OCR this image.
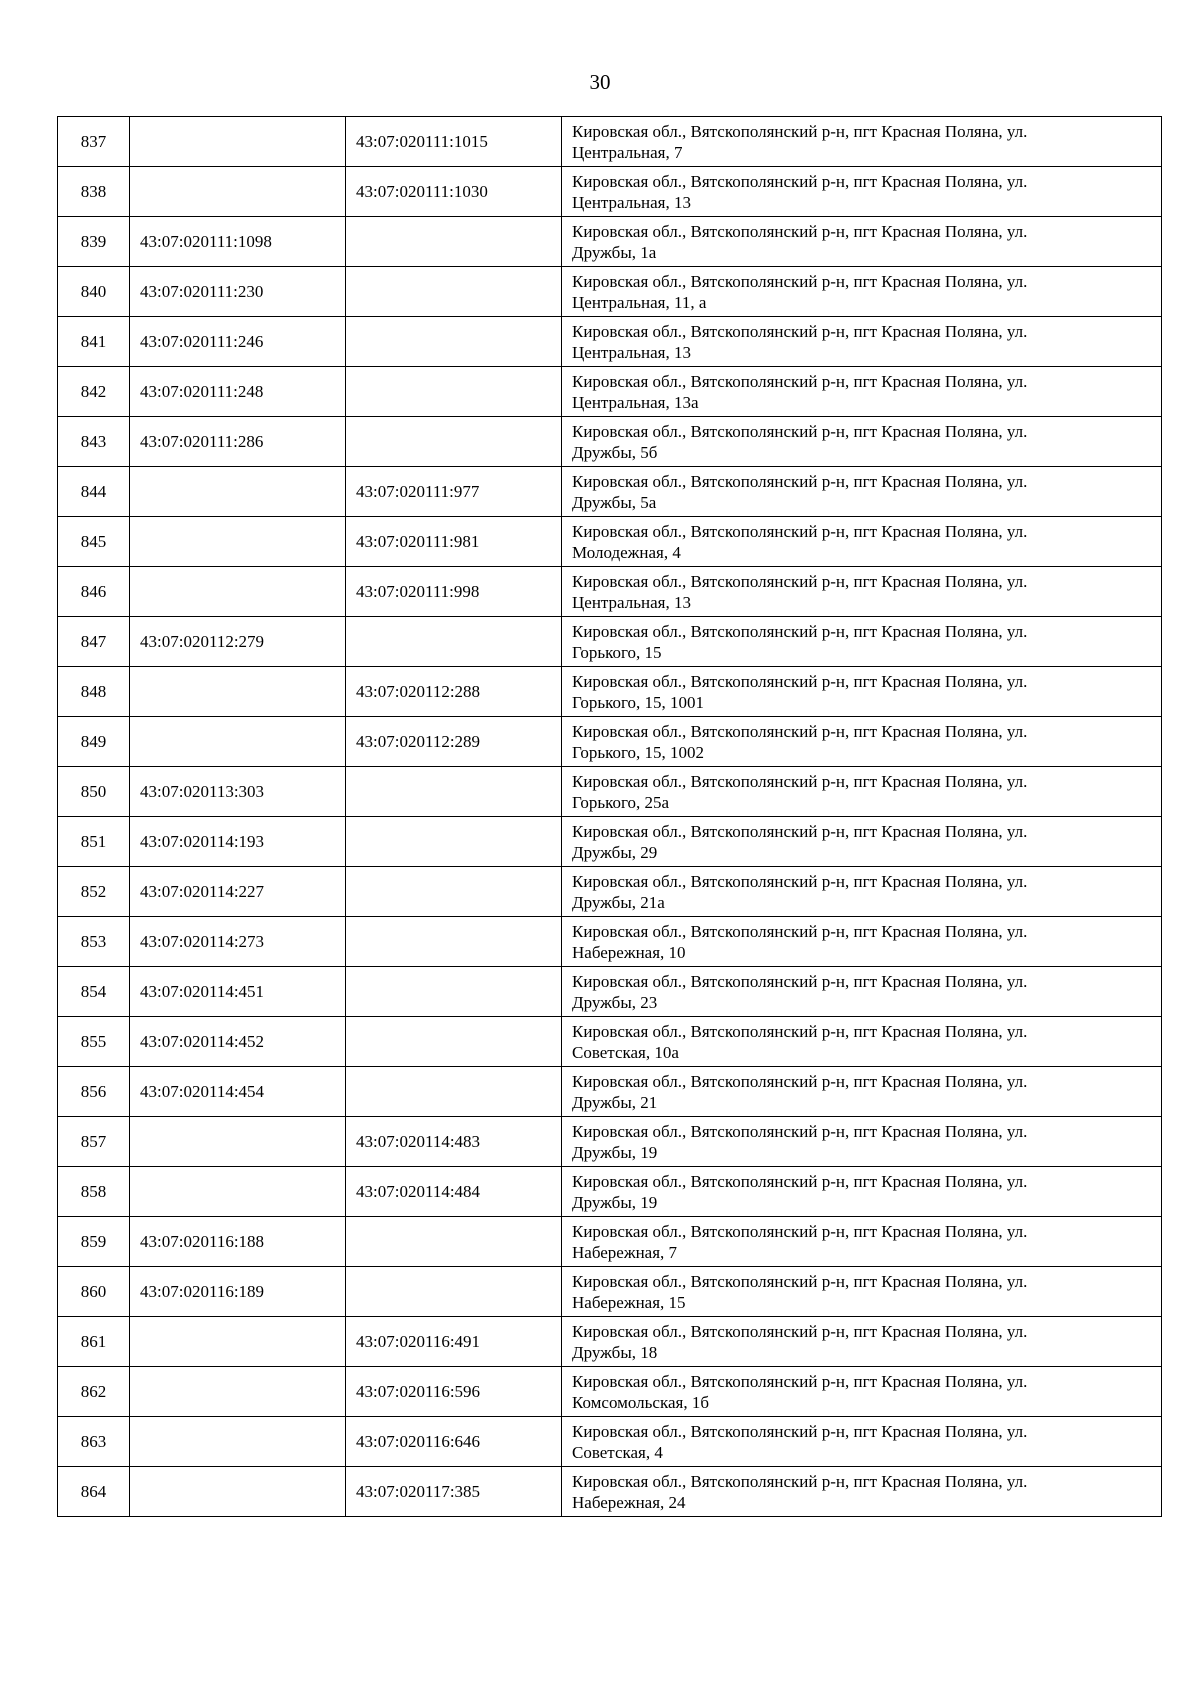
30
837		43:07:020111:1015	Кировская обл., Вятскополянский р-н, пгт Красная Поляна, ул.
Центральная, 7

838		43:07:020111:1030	Кировская обл., Вятскополянский р-н, пгт Красная Поляна, ул.
Центральная, 13

839	43:07:020111:1098		Кировская обл., Вятскополянский р-н, пгт Красная Поляна, ул.
Дружбы, 1а

840	43:07:020111:230		Кировская обл., Вятскополянский р-н, пгт Красная Поляна, ул.
Центральная, 11, а

841	43:07:020111:246		Кировская обл., Вятскополянский р-н, пгт Красная Поляна, ул.
Центральная, 13

842	43:07:020111:248		Кировская обл., Вятскополянский р-н, пгт Красная Поляна, ул.
Центральная, 13а

843	43:07:020111:286		Кировская обл., Вятскополянский р-н, пгт Красная Поляна, ул.
Дружбы, 5б

844		43:07:020111:977	Кировская обл., Вятскополянский р-н, пгт Красная Поляна, ул.
Дружбы, 5а

845		43:07:020111:981	Кировская обл., Вятскополянский р-н, пгт Красная Поляна, ул.
Молодежная, 4

846		43:07:020111:998	Кировская обл., Вятскополянский р-н, пгт Красная Поляна, ул.
Центральная, 13

847	43:07:020112:279		Кировская обл., Вятскополянский р-н, пгт Красная Поляна, ул.
Горького, 15

848		43:07:020112:288	Кировская обл., Вятскополянский р-н, пгт Красная Поляна, ул.
Горького, 15, 1001

849		43:07:020112:289	Кировская обл., Вятскополянский р-н, пгт Красная Поляна, ул.
Горького, 15, 1002

850	43:07:020113:303		Кировская обл., Вятскополянский р-н, пгт Красная Поляна, ул.
Горького, 25а

851	43:07:020114:193		Кировская обл., Вятскополянский р-н, пгт Красная Поляна, ул.
Дружбы, 29

852	43:07:020114:227		Кировская обл., Вятскополянский р-н, пгт Красная Поляна, ул.
Дружбы, 21а

853	43:07:020114:273		Кировская обл., Вятскополянский р-н, пгт Красная Поляна, ул.
Набережная, 10

854	43:07:020114:451		Кировская обл., Вятскополянский р-н, пгт Красная Поляна, ул.
Дружбы, 23

855	43:07:020114:452		Кировская обл., Вятскополянский р-н, пгт Красная Поляна, ул.
Советская, 10а

856	43:07:020114:454		Кировская обл., Вятскополянский р-н, пгт Красная Поляна, ул.
Дружбы, 21

857		43:07:020114:483	Кировская обл., Вятскополянский р-н, пгт Красная Поляна, ул.
Дружбы, 19

858		43:07:020114:484	Кировская обл., Вятскополянский р-н, пгт Красная Поляна, ул.
Дружбы, 19

859	43:07:020116:188		Кировская обл., Вятскополянский р-н, пгт Красная Поляна, ул.
Набережная, 7

860	43:07:020116:189		Кировская обл., Вятскополянский р-н, пгт Красная Поляна, ул.
Набережная, 15

861		43:07:020116:491	Кировская обл., Вятскополянский р-н, пгт Красная Поляна, ул.
Дружбы, 18

862		43:07:020116:596	Кировская обл., Вятскополянский р-н, пгт Красная Поляна, ул.
Комсомольская, 1б

863		43:07:020116:646	Кировская обл., Вятскополянский р-н, пгт Красная Поляна, ул.
Советская, 4

864		43:07:020117:385	Кировская обл., Вятскополянский р-н, пгт Красная Поляна, ул.
Набережная, 24
